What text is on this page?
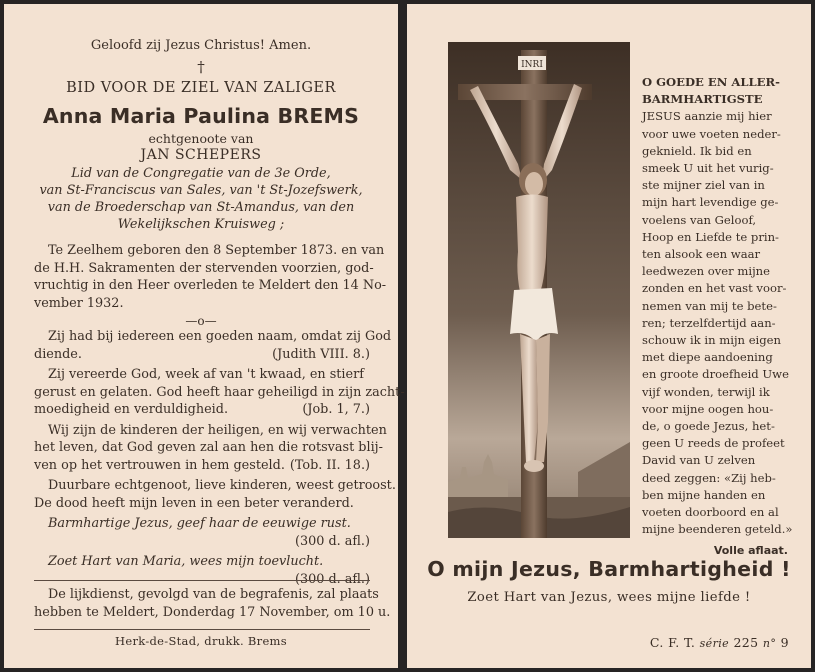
Geloofd zij Jezus Christus! Amen.
†
BID VOOR DE ZIEL VAN ZALIGER
Anna Maria Paulina BREMS
echtgenoote van
JAN SCHEPERS
Lid van de Congregatie van de 3e Orde,
van St-Franciscus van Sales, van 't St-Jozefswerk,
van de Broederschap van St-Amandus, van den
Wekelijkschen Kruisweg ;
Te Zeelhem geboren den 8 September 1873. en van
de H.H. Sakramenten der stervenden voorzien, god-
vruchtig in den Heer overleden te Meldert den 14 No-
vember 1932.
—o—
Zij had bij iedereen een goeden naam, omdat zij God
diende.	(Judith VIII. 8.)
Zij vereerde God, week af van 't kwaad, en stierf
gerust en gelaten. God heeft haar geheiligd in zijn zacht-
moedigheid en verduldigheid.	(Job. 1, 7.)
Wij zijn de kinderen der heiligen, en wij verwachten
het leven, dat God geven zal aan hen die rotsvast blij-
ven op het vertrouwen in hem gesteld. (Tob. II. 18.)
Duurbare echtgenoot, lieve kinderen, weest getroost.
De dood heeft mijn leven in een beter veranderd.
Barmhartige Jezus, geef haar de eeuwige rust.
(300 d. afl.)
Zoet Hart van Maria, wees mijn toevlucht.
(300 d. afl.)
De lijkdienst, gevolgd van de begrafenis, zal plaats
hebben te Meldert, Donderdag 17 November, om 10 u.
Herk-de-Stad, drukk. Brems
INRI
O GOEDE EN ALLER-
BARMHARTIGSTE
JESUS aanzie mij hier
voor uwe voeten neder-
geknield. Ik bid en
smeek U uit het vurig-
ste mijner ziel van in
mijn hart levendige ge-
voelens van Geloof,
Hoop en Liefde te prin-
ten alsook een waar
leedwezen over mijne
zonden en het vast voor-
nemen van mij te bete-
ren; terzelfdertijd aan-
schouw ik in mijn eigen
met diepe aandoening
en groote droefheid Uwe
vijf wonden, terwijl ik
voor mijne oogen hou-
de, o goede Jezus, het-
geen U reeds de profeet
David van U zelven
deed zeggen: «Zij heb-
ben mijne handen en
voeten doorboord en al
mijne beenderen geteld.»
Volle aflaat.
O mijn Jezus, Barmhartigheid !
Zoet Hart van Jezus, wees mijne liefde !
C. F. T. série 225 n° 9
